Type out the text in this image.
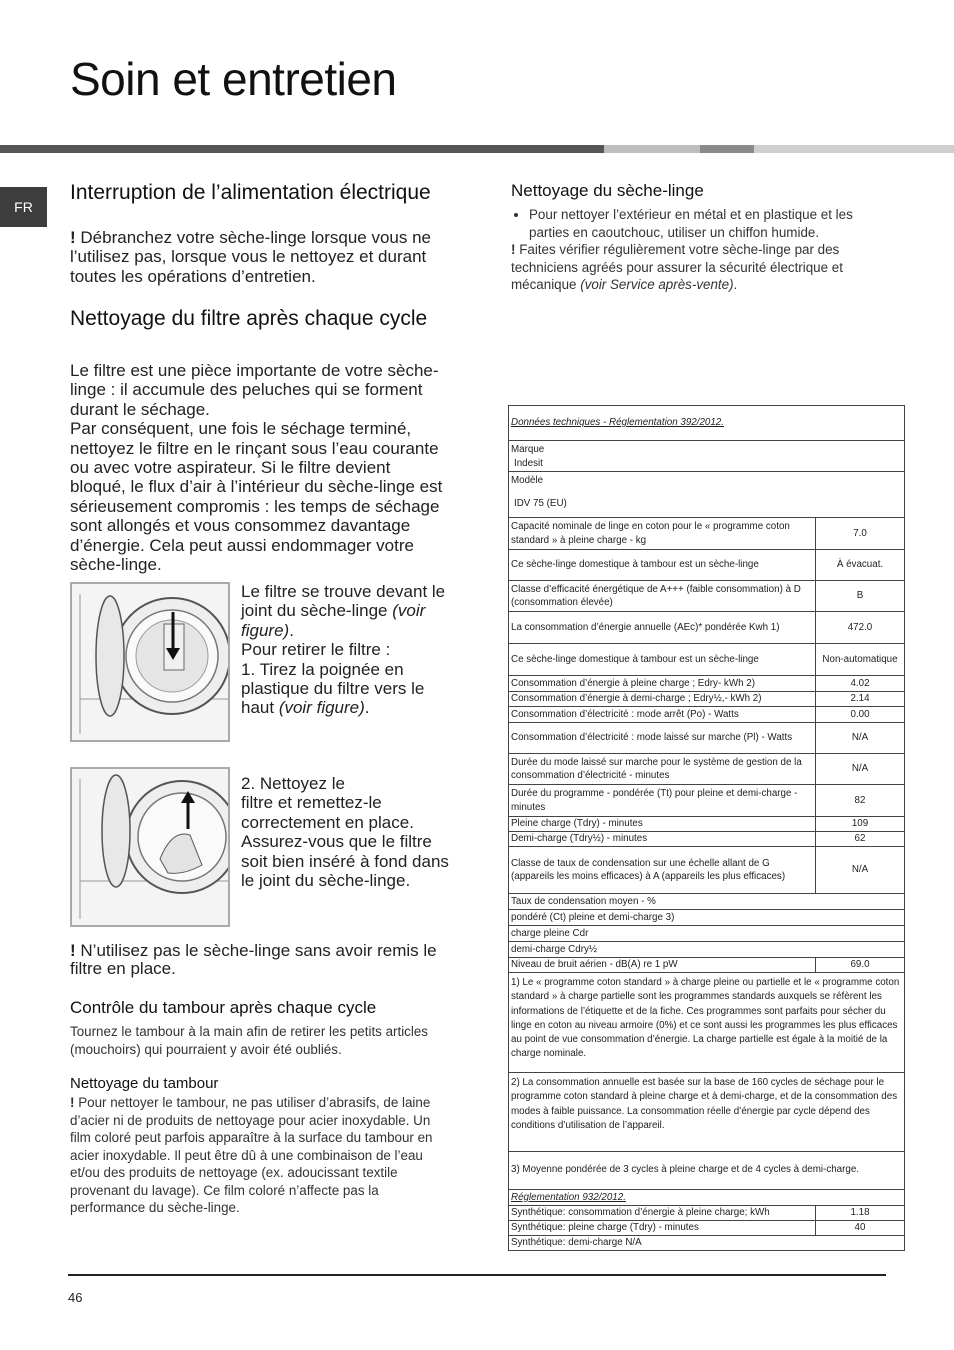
Soin et entretien
FR
Interruption de l’alimentation électrique
! Débranchez votre sèche-linge lorsque vous ne l’utilisez pas, lorsque vous le nettoyez et durant toutes les opérations d’entretien.
Nettoyage du filtre après chaque cycle
Le filtre est une pièce importante de votre sèche-linge : il accumule des peluches qui se forment durant le séchage.
Par conséquent, une fois le séchage terminé, nettoyez le filtre en le rinçant sous l’eau courante ou avec votre aspirateur. Si le filtre devient bloqué, le flux d’air à l’intérieur du sèche-linge est sérieusement compromis : les temps de séchage sont allongés et vous consommez davantage d’énergie. Cela peut aussi endommager votre sèche-linge.
Le filtre se trouve devant le joint du sèche-linge (voir figure).
Pour retirer le filtre :
1. Tirez la poignée en plastique du filtre vers le haut (voir figure).
2. Nettoyez le
filtre et remettez-le correctement en place. Assurez-vous que le filtre soit bien inséré à fond dans le joint du sèche-linge.
! N’utilisez pas le sèche-linge sans avoir remis le filtre en place.
Contrôle du tambour après chaque cycle
Tournez le tambour à la main afin de retirer les petits articles (mouchoirs) qui pourraient y avoir été oubliés.
Nettoyage du tambour
! Pour nettoyer le tambour, ne pas utiliser d’abrasifs, de laine d’acier ni de produits de nettoyage pour acier inoxydable. Un film coloré peut parfois apparaître à la surface du tambour en acier inoxydable. Il peut être dû à une combinaison de l’eau et/ou des produits de nettoyage (ex. adoucissant textile provenant du lavage). Ce film coloré n’affecte pas la performance du sèche-linge.
Nettoyage du sèche-linge
• Pour nettoyer l’extérieur en métal et en plastique et les parties en caoutchouc, utiliser un chiffon humide.
! Faites vérifier régulièrement votre sèche-linge par des techniciens agréés pour assurer la sécurité électrique et mécanique (voir Service après-vente).
Données techniques - Réglementation 392/2012.	

Marque
Indesit	

Modèle
IDV 75 (EU)	

Capacité nominale de linge en coton pour le « programme coton standard » à pleine charge - kg	7.0
Ce sèche-linge domestique à tambour est un sèche-linge	À évacuat.
Classe d’efficacité énergétique de A+++ (faible consommation) à D (consommation élevée)	B
La consommation d’énergie annuelle (AEc)* pondérée Kwh 1)	472.0
Ce sèche-linge domestique à tambour est un sèche-linge	Non-automatique
Consommation d’énergie à pleine charge ; Edry- kWh 2)	4.02
Consommation d’énergie à demi-charge ; Edry½,- kWh 2)	2.14
Consommation d’électricité : mode arrêt (Po) - Watts	0.00
Consommation d’électricité : mode laissé sur marche (Pl) - Watts	N/A
Durée du mode laissé sur marche pour le système de gestion de la consommation d’électricité - minutes	N/A
Durée du programme - pondérée (Tt) pour pleine et demi-charge - minutes	82
Pleine charge (Tdry) - minutes	109
Demi-charge (Tdry½) - minutes	62
Classe de taux de condensation sur une échelle allant de G (appareils les moins efficaces) à A (appareils les plus efficaces)	N/A
Taux de condensation moyen - %	
pondéré (Ct) pleine et demi-charge 3)	
charge pleine Cdr	
demi-charge Cdry½	
Niveau de bruit aérien - dB(A) re 1 pW	69.0
1) Le « programme coton standard » à charge pleine ou partielle et le « programme coton standard » à charge partielle sont les programmes standards auxquels se réfèrent les informations de l’étiquette et de la fiche. Ces programmes sont parfaits pour sécher du linge en coton au niveau armoire (0%) et ce sont aussi les programmes les plus efficaces au point de vue consommation d’énergie. La charge partielle est égale à la moitié de la charge nominale.	
2) La consommation annuelle est basée sur la base de 160 cycles de séchage pour le programme coton standard à pleine charge et à demi-charge, et de la consommation des modes à faible puissance. La consommation réelle d’énergie par cycle dépend des conditions d’utilisation de l’appareil.	
3) Moyenne pondérée de 3 cycles à pleine charge et de 4 cycles à demi-charge.	
Réglementation 932/2012.	
Synthétique: consommation d’énergie à pleine charge; kWh	1.18
Synthétique: pleine charge (Tdry) - minutes	40
Synthétique: demi-charge N/A	
46
